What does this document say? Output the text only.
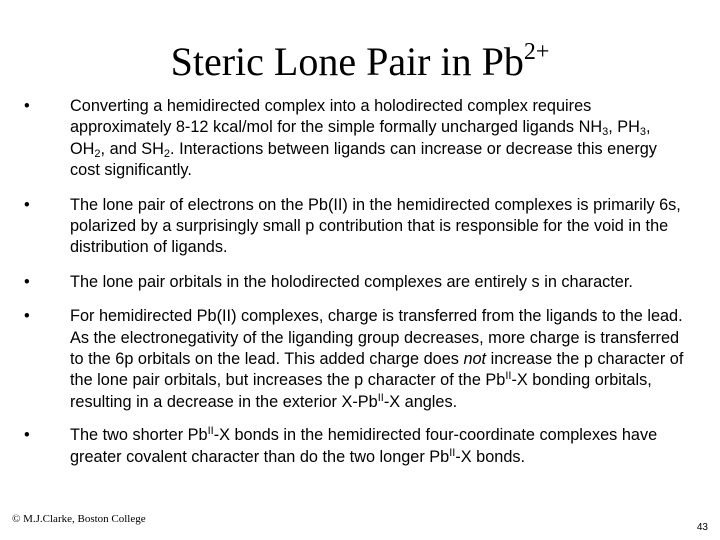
Steric Lone Pair in $Pb^{2+}$
•	Converting a hemidirected complex into a holodirected complex requires approximately 8-12 kcal/mol for the simple formally uncharged ligands $NH_3$, $PH_3$, $OH_2$, and $SH_2$. Interactions between ligands can increase or decrease this energy cost significantly.
•	The lone pair of electrons on the Pb(II) in the hemidirected complexes is primarily 6s, polarized by a surprisingly small p contribution that is responsible for the void in the distribution of ligands.
•	The lone pair orbitals in the holodirected complexes are entirely s in character.
•	For hemidirected Pb(II) complexes, charge is transferred from the ligands to the lead. As the electronegativity of the liganding group decreases, more charge is transferred to the 6p orbitals on the lead. This added charge does not increase the p character of the lone pair orbitals, but increases the p character of the $Pb^{II}-X$ bonding orbitals, resulting in a decrease in the exterior $X-Pb^{II}-X$ angles.
•	The two shorter $Pb^{II}-X$ bonds in the hemidirected four-coordinate complexes have greater covalent character than do the two longer $Pb^{II}-X$ bonds.
© M.J.Clarke, Boston College
43
